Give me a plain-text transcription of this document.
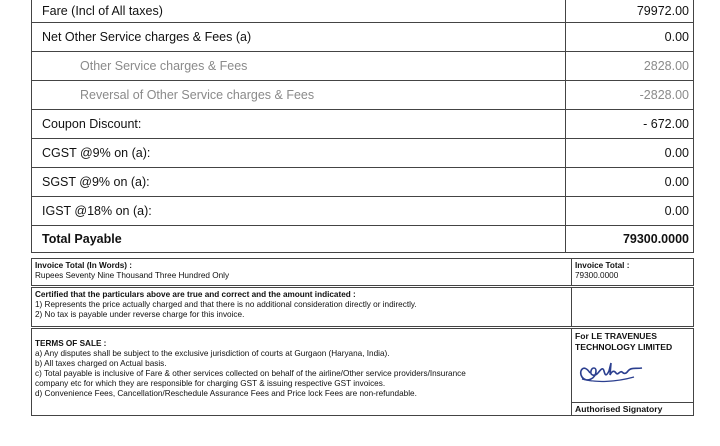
Fare (Incl of All taxes)	79972.00
Net Other Service charges & Fees (a)	0.00
Other Service charges & Fees	2828.00
Reversal of Other Service charges & Fees	-2828.00
Coupon Discount:	- 672.00
CGST @9% on (a):	0.00
SGST @9% on (a):	0.00
IGST @18% on (a):	0.00
Total Payable	79300.0000
Invoice Total (In Words) :
Rupees Seventy Nine Thousand Three Hundred Only
Invoice Total :
79300.0000
Certified that the particulars above are true and correct and the amount indicated :
1) Represents the price actually charged and that there is no additional consideration directly or indirectly.
2) No tax is payable under reverse charge for this invoice.
TERMS OF SALE :
a) Any disputes shall be subject to the exclusive jurisdiction of courts at Gurgaon (Haryana, India).
b) All taxes charged on Actual basis.
c) Total payable is inclusive of Fare & other services collected on behalf of the airline/Other service providers/Insurance
company etc for which they are responsible for charging GST & issuing respective GST invoices.
d) Convenience Fees, Cancellation/Reschedule Assurance Fees and Price lock Fees are non-refundable.
For LE TRAVENUES
TECHNOLOGY LIMITED
Authorised Signatory
